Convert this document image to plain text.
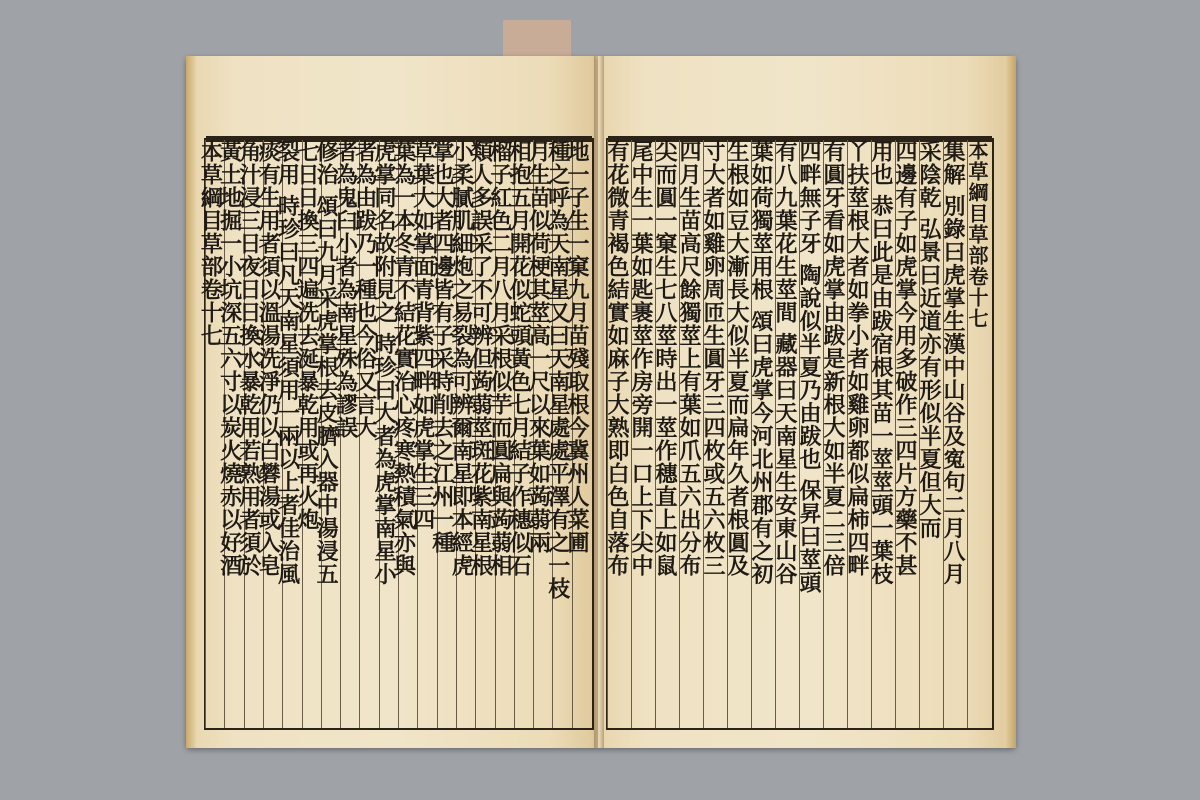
本草綱目草部卷十七
集解 別錄曰虎掌生漢中山谷及寃句二月八月
采陰乾 弘景曰近道亦有形似半夏但大而
四邊有子如虎掌今用多破作三四片方藥不甚
用也 恭曰此是由跋宿根其苗一莖莖頭一葉枝
丫扶莖根大者如拳小者如雞卵都似扁柿四畔
有圓牙看如虎掌由跋是新根大如半夏二三倍
四畔無子牙 陶說似半夏乃由跋也 保昇曰莖頭
有八九葉花生莖間 藏器曰天南星生安東山谷
葉如荷獨莖用根 頌曰虎掌今河北州郡有之初
生根如豆大漸長大似半夏而扁年久者根圓及
寸大者如雞卵周匝生圓牙三四枚或五六枚三
四月生苗高尺餘獨莖上有葉如爪五六出分布
尖而圓一窠生七八莖時出一莖作穗直上如鼠
尾中生一葉如匙裹莖作房旁開一口上下尖中
有花微青褐色結實如麻子大熟即白色自落布
地一子生一窠九月苗殘取根今冀州人菜圃
種之呼為天南星又曰天南星處處平澤有之一枝
月生苗似荷梗其莖高一尺以來葉如蒟蒻兩
相抱五月開花似蛇頭黃色七月結子作穗似石
榴子紅色二月八月采根似芋而圓扁與蒟蒻相
類人多誤采了不可辨但蒟蒻莖斑花紫南星根
小柔膩肌細炮之易裂為可辨爾南星即本經虎
掌也大者四邊皆有子采時削去之江州一種
草葉大如掌面青背紫四畔如虎掌生三四
葉為一本冬青不結花實治心疼寒熱積氣亦與
虎掌同名故附見之 時珍曰大者為虎掌南星小
者為由跋乃一種也今俗又言大
者為鬼臼小者為南星殊為謬誤
修治 頌曰九月采虎掌根去皮臍入器中湯浸五
七日日換三四遍洗去涎暴乾用或再火炮
裂用 時珍曰凡天南星須用一兩以上者佳治風
痰有生用者須以溫湯洗淨仍以白礬湯或入皂
角汁浸三日夜日日換水暴乾用若熟用者須於
黃土地掘一小坑深五六寸以炭火燒赤以好酒
本草綱目草部卷十七
